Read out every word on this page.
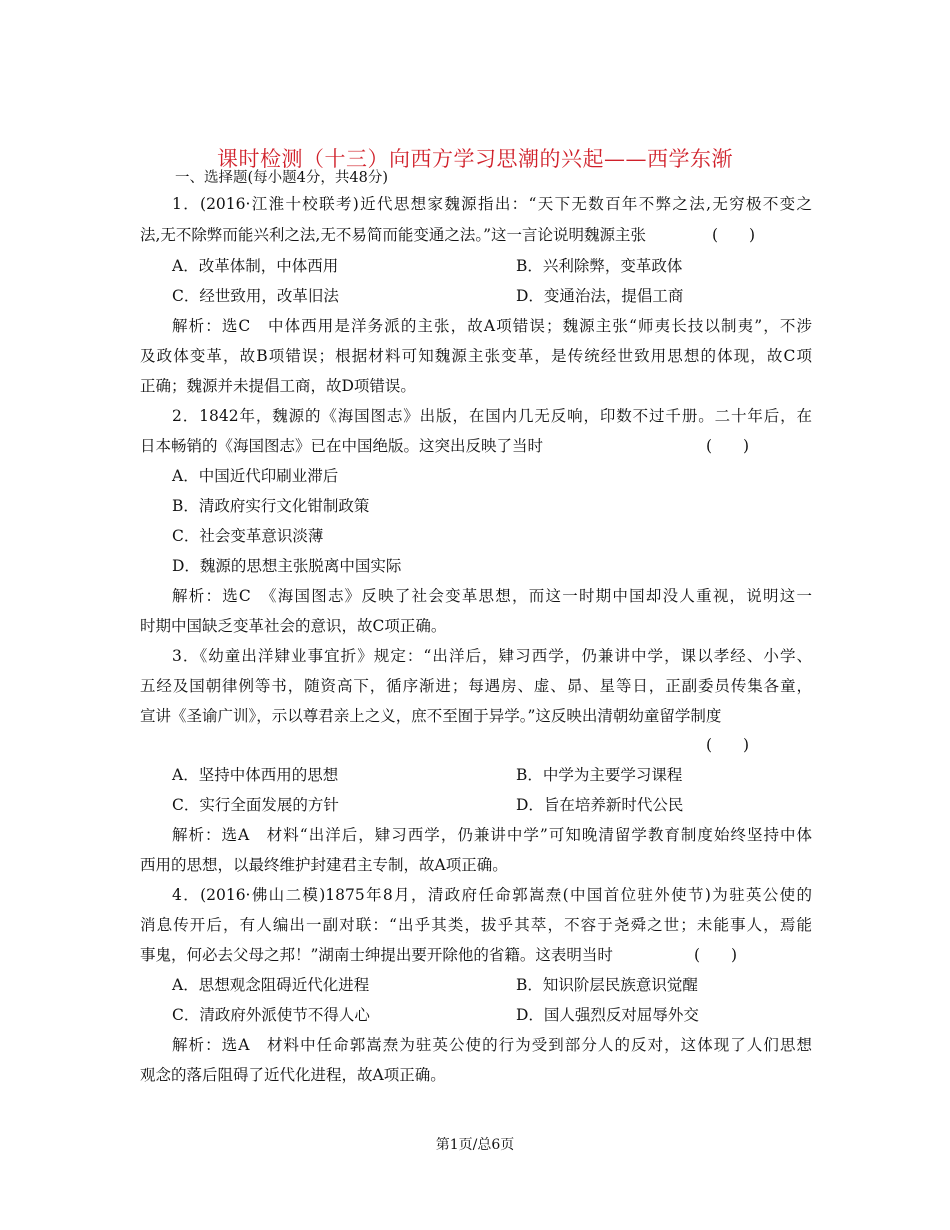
课时检测（十三）向西方学习思潮的兴起——西学东渐
一、选择题(每小题4分，共48分)
1．(2016·江淮十校联考)近代思想家魏源指出：“天下无数百年不弊之法,无穷极不变之
法,无不除弊而能兴利之法,无不易简而能变通之法。”这一言论说明魏源主张	(　　)
A．改革体制，中体西用	B．兴利除弊，变革政体
C．经世致用，改革旧法	D．变通治法，提倡工商
解析：选C　中体西用是洋务派的主张，故A项错误；魏源主张“师夷长技以制夷”，不涉
及政体变革，故B项错误；根据材料可知魏源主张变革，是传统经世致用思想的体现，故C项
正确；魏源并未提倡工商，故D项错误。
2．1842年，魏源的《海国图志》出版，在国内几无反响，印数不过千册。二十年后，在
日本畅销的《海国图志》已在中国绝版。这突出反映了当时	(　　)
A．中国近代印刷业滞后
B．清政府实行文化钳制政策
C．社会变革意识淡薄
D．魏源的思想主张脱离中国实际
解析：选C　《海国图志》反映了社会变革思想，而这一时期中国却没人重视，说明这一
时期中国缺乏变革社会的意识，故C项正确。
3．《幼童出洋肄业事宜折》规定：“出洋后，肄习西学，仍兼讲中学，课以孝经、小学、
五经及国朝律例等书，随资高下，循序渐进；每遇房、虚、昴、星等日，正副委员传集各童，
宣讲《圣谕广训》，示以尊君亲上之义，庶不至囿于异学。”这反映出清朝幼童留学制度
(　　)
A．坚持中体西用的思想	B．中学为主要学习课程
C．实行全面发展的方针	D．旨在培养新时代公民
解析：选A　材料“出洋后，肄习西学，仍兼讲中学”可知晚清留学教育制度始终坚持中体
西用的思想，以最终维护封建君主专制，故A项正确。
4．(2016·佛山二模)1875年8月，清政府任命郭嵩焘(中国首位驻外使节)为驻英公使的
消息传开后，有人编出一副对联：“出乎其类，拔乎其萃，不容于尧舜之世；未能事人，焉能
事鬼，何必去父母之邦！”湖南士绅提出要开除他的省籍。这表明当时	(　　)
A．思想观念阻碍近代化进程	B．知识阶层民族意识觉醒
C．清政府外派使节不得人心	D．国人强烈反对屈辱外交
解析：选A　材料中任命郭嵩焘为驻英公使的行为受到部分人的反对，这体现了人们思想
观念的落后阻碍了近代化进程，故A项正确。
第1页/总6页
